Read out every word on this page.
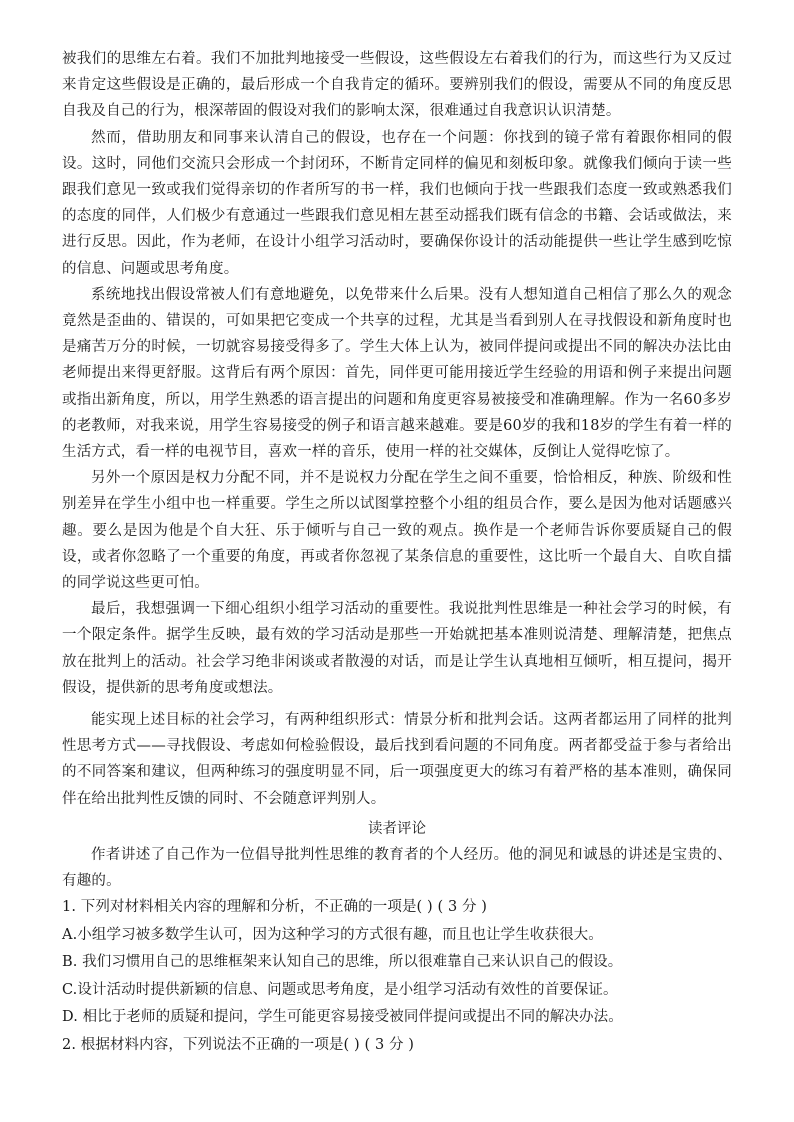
被我们的思维左右着。我们不加批判地接受一些假设，这些假设左右着我们的行为，而这些行为又反过来肯定这些假设是正确的，最后形成一个自我肯定的循环。要辨别我们的假设，需要从不同的角度反思自我及自己的行为，根深蒂固的假设对我们的影响太深，很难通过自我意识认识清楚。

然而，借助朋友和同事来认清自己的假设，也存在一个问题：你找到的镜子常有着跟你相同的假设。这时，同他们交流只会形成一个封闭环，不断肯定同样的偏见和刻板印象。就像我们倾向于读一些跟我们意见一致或我们觉得亲切的作者所写的书一样，我们也倾向于找一些跟我们态度一致或熟悉我们的态度的同伴，人们极少有意通过一些跟我们意见相左甚至动摇我们既有信念的书籍、会话或做法，来进行反思。因此，作为老师，在设计小组学习活动时，要确保你设计的活动能提供一些让学生感到吃惊的信息、问题或思考角度。

系统地找出假设常被人们有意地避免，以免带来什么后果。没有人想知道自己相信了那么久的观念竟然是歪曲的、错误的，可如果把它变成一个共享的过程，尤其是当看到别人在寻找假设和新角度时也是痛苦万分的时候，一切就容易接受得多了。学生大体上认为，被同伴提问或提出不同的解决办法比由老师提出来得更舒服。这背后有两个原因：首先，同伴更可能用接近学生经验的用语和例子来提出问题或指出新角度，所以，用学生熟悉的语言提出的问题和角度更容易被接受和准确理解。作为一名60多岁的老教师，对我来说，用学生容易接受的例子和语言越来越难。要是60岁的我和18岁的学生有着一样的生活方式，看一样的电视节目，喜欢一样的音乐，使用一样的社交媒体，反倒让人觉得吃惊了。

另外一个原因是权力分配不同，并不是说权力分配在学生之间不重要，恰恰相反，种族、阶级和性别差异在学生小组中也一样重要。学生之所以试图掌控整个小组的组员合作，要么是因为他对话题感兴趣。要么是因为他是个自大狂、乐于倾听与自己一致的观点。换作是一个老师告诉你要质疑自己的假设，或者你忽略了一个重要的角度，再或者你忽视了某条信息的重要性，这比听一个最自大、自吹自擂的同学说这些更可怕。

最后，我想强调一下细心组织小组学习活动的重要性。我说批判性思维是一种社会学习的时候，有一个限定条件。据学生反映，最有效的学习活动是那些一开始就把基本准则说清楚、理解清楚，把焦点放在批判上的活动。社会学习绝非闲谈或者散漫的对话，而是让学生认真地相互倾听，相互提问，揭开假设，提供新的思考角度或想法。

能实现上述目标的社会学习，有两种组织形式：情景分析和批判会话。这两者都运用了同样的批判性思考方式——寻找假设、考虑如何检验假设，最后找到看问题的不同角度。两者都受益于参与者给出的不同答案和建议，但两种练习的强度明显不同，后一项强度更大的练习有着严格的基本准则，确保同伴在给出批判性反馈的同时、不会随意评判别人。

读者评论

作者讲述了自己作为一位倡导批判性思维的教育者的个人经历。他的洞见和诚恳的讲述是宝贵的、有趣的。

1. 下列对材料相关内容的理解和分析，不正确的一项是( ) ( 3 分 )

A.小组学习被多数学生认可，因为这种学习的方式很有趣，而且也让学生收获很大。

B. 我们习惯用自己的思维框架来认知自己的思维，所以很难靠自己来认识自己的假设。

C.设计活动时提供新颖的信息、问题或思考角度，是小组学习活动有效性的首要保证。

D. 相比于老师的质疑和提问，学生可能更容易接受被同伴提问或提出不同的解决办法。

2. 根据材料内容，下列说法不正确的一项是( ) ( 3 分 )
